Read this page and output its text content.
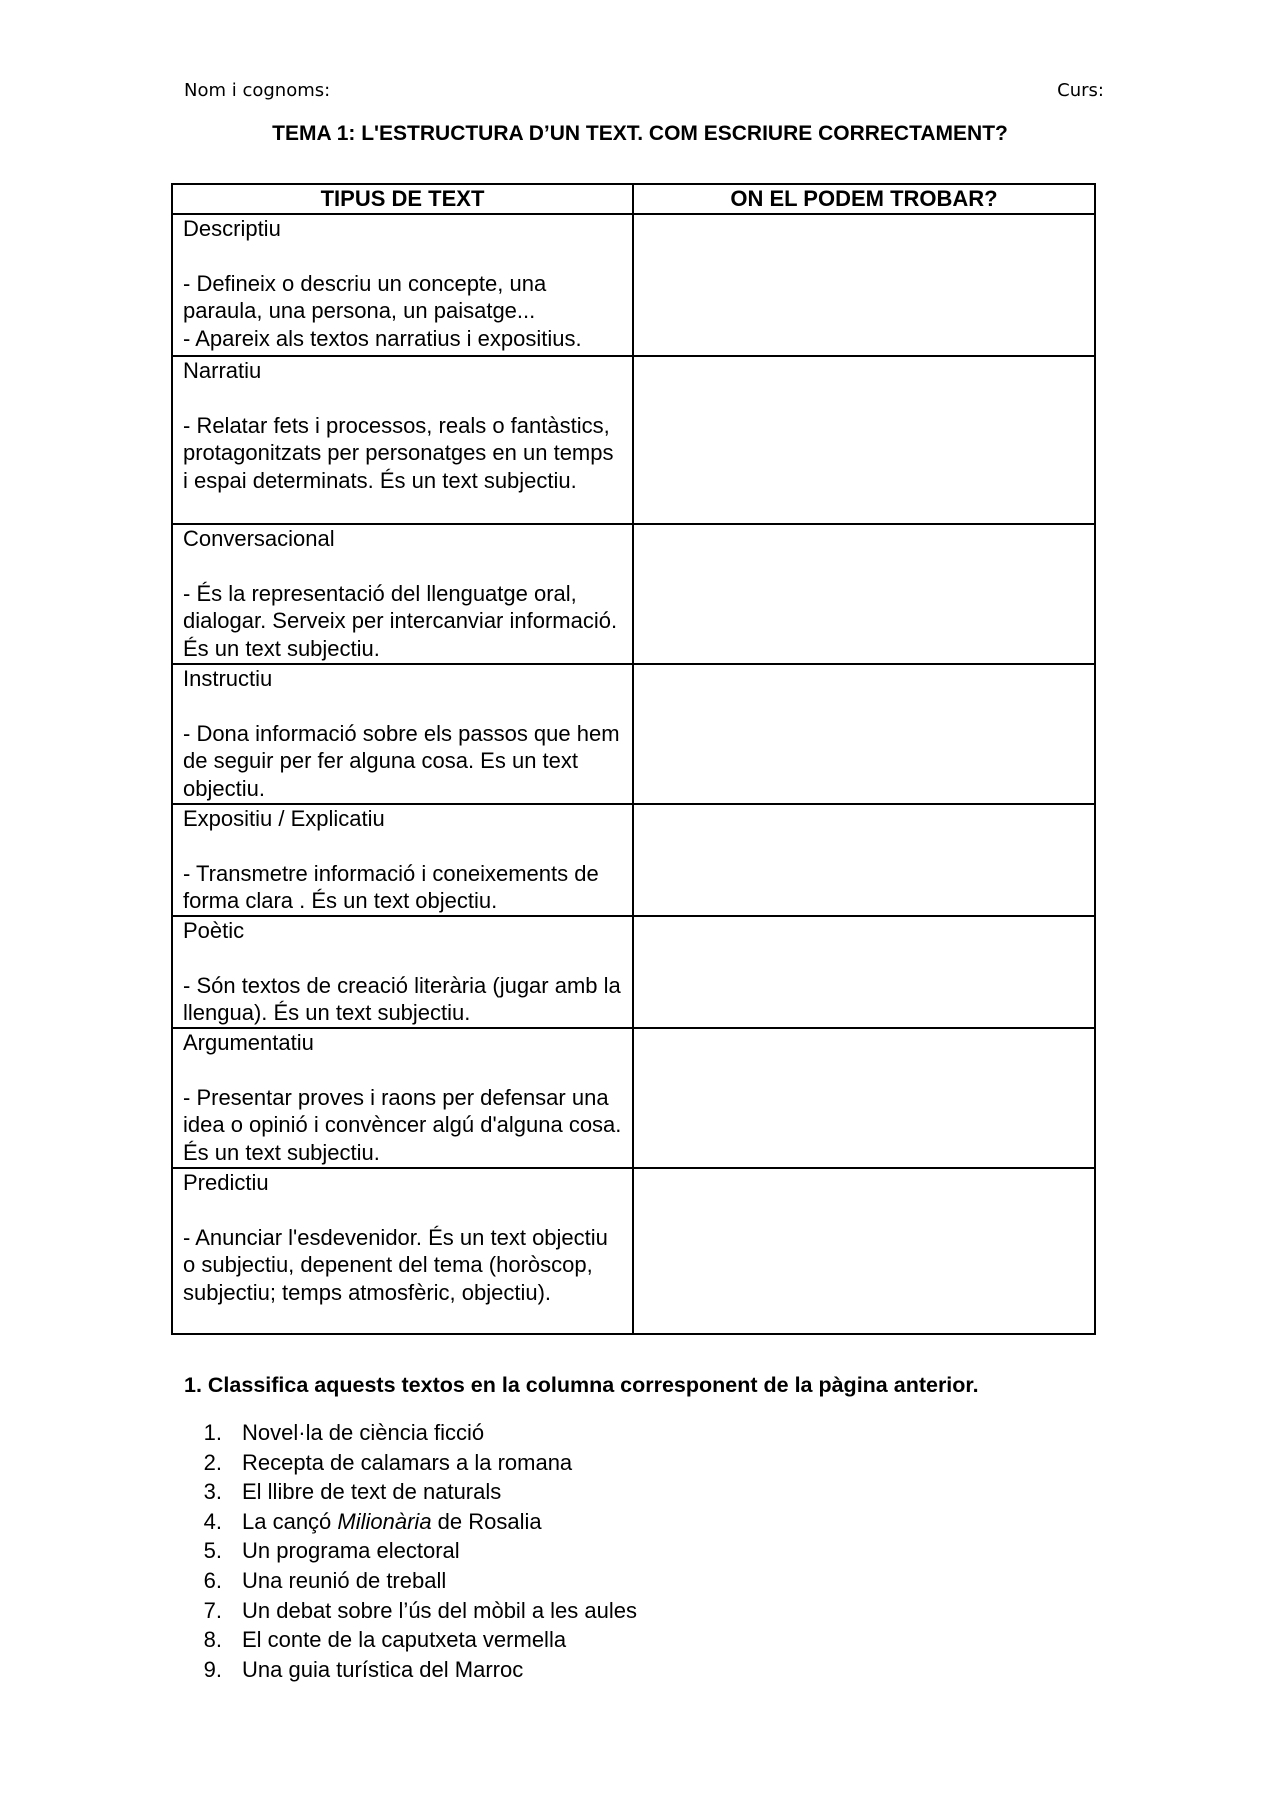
Nom i cognoms:	Curs:
TEMA 1: L'ESTRUCTURA D’UN TEXT. COM ESCRIURE CORRECTAMENT?
TIPUS DE TEXT	ON EL PODEM TROBAR?

Descriptiu
- Defineix o descriu un concepte, una paraula, una persona, un paisatge...
- Apareix als textos narratius i expositius.	

Narratiu
- Relatar fets i processos, reals o fantàstics, protagonitzats per personatges en un temps i espai determinats. És un text subjectiu.	

Conversacional
- És la representació del llenguatge oral, dialogar. Serveix per intercanviar informació. És un text subjectiu.	

Instructiu
- Dona informació sobre els passos que hem de seguir per fer alguna cosa. Es un text objectiu.	

Expositiu / Explicatiu
- Transmetre informació i coneixements de forma clara . És un text objectiu.	

Poètic
- Són textos de creació literària (jugar amb la llengua). És un text subjectiu.	

Argumentatiu
- Presentar proves i raons per defensar una idea o opinió i convèncer algú d'alguna cosa. És un text subjectiu.	

Predictiu
- Anunciar l'esdevenidor. És un text objectiu o subjectiu, depenent del tema (horòscop, subjectiu; temps atmosfèric, objectiu).	

1. Classifica aquests textos en la columna corresponent de la pàgina anterior.
1. Novel·la de ciència ficció
2. Recepta de calamars a la romana
3. El llibre de text de naturals
4. La cançó Milionària de Rosalia
5. Un programa electoral
6. Una reunió de treball
7. Un debat sobre l’ús del mòbil a les aules
8. El conte de la caputxeta vermella
9. Una guia turística del Marroc
